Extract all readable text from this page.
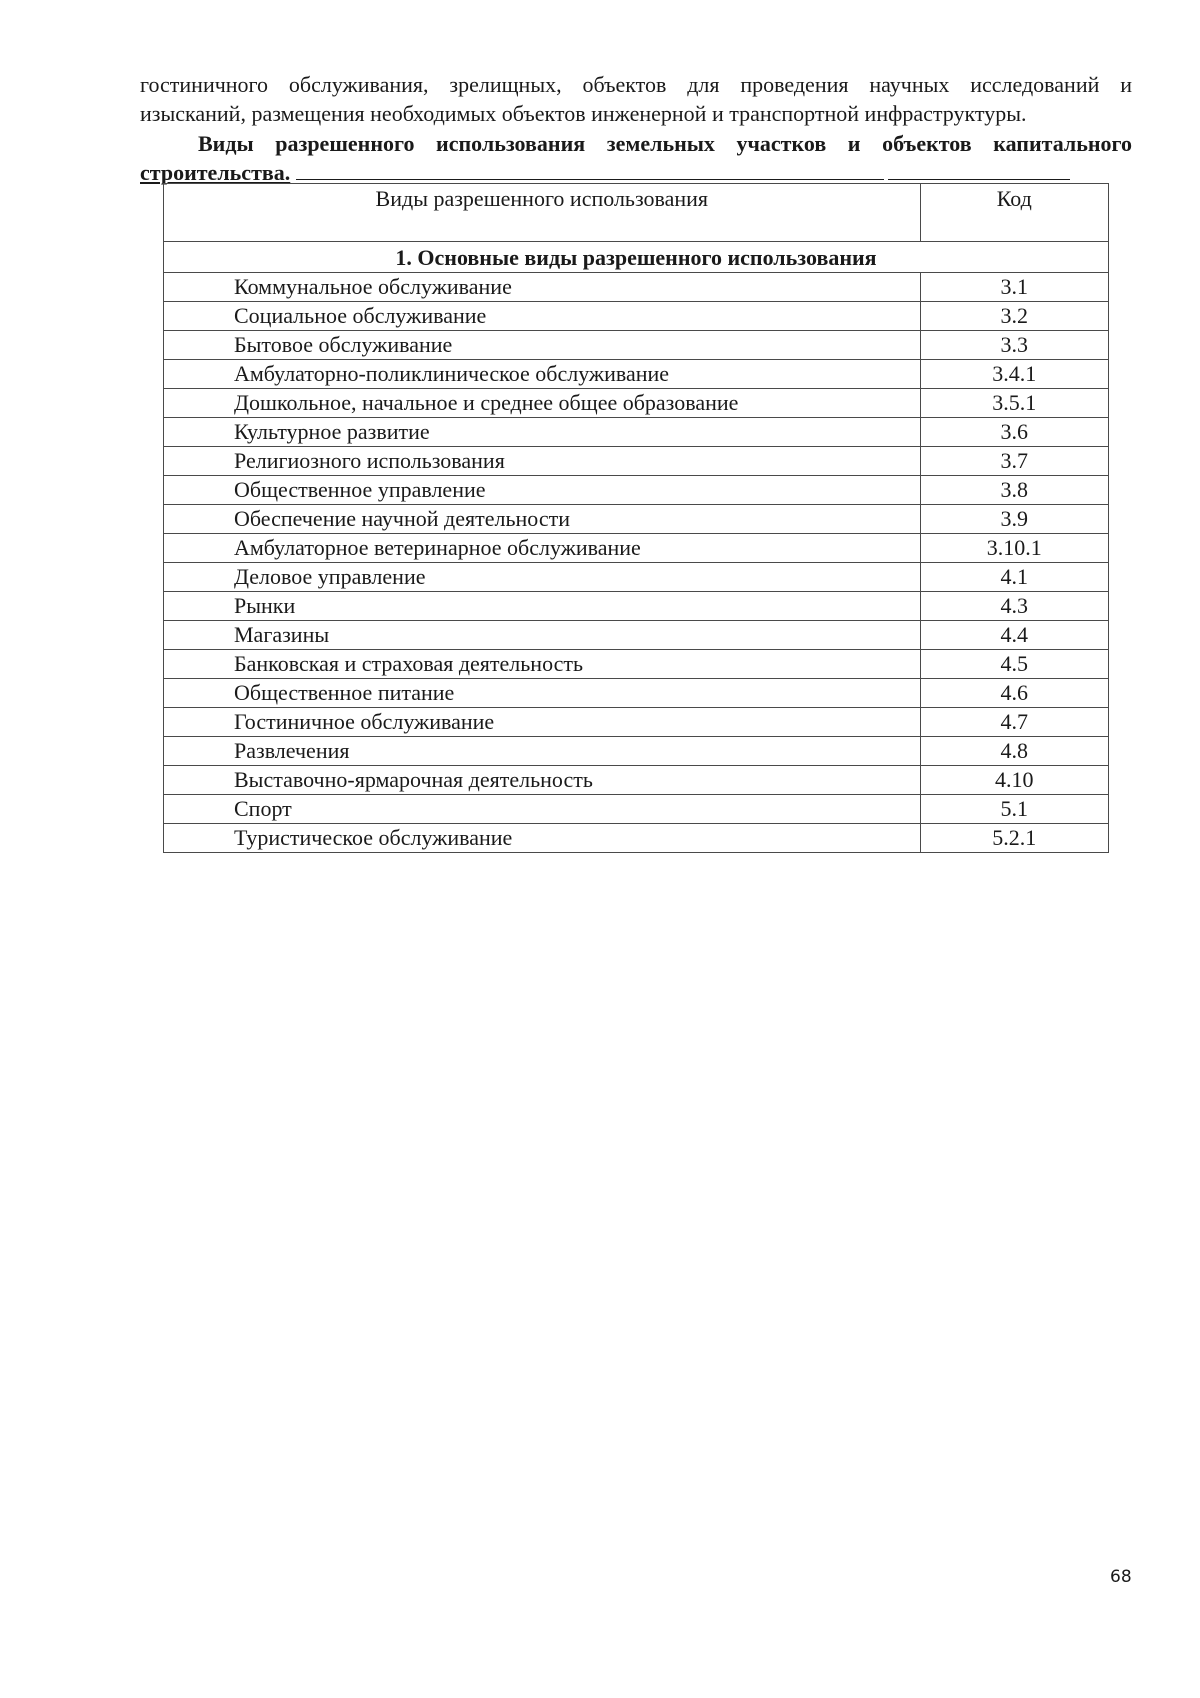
гостиничного обслуживания, зрелищных, объектов для проведения научных исследований и
изысканий, размещения необходимых объектов инженерной и транспортной инфраструктуры.

Виды разрешенного использования земельных участков и объектов капитального
строительства.

Виды разрешенного использования	Код
1. Основные виды разрешенного использования	
Коммунальное обслуживание	3.1
Социальное обслуживание	3.2
Бытовое обслуживание	3.3
Амбулаторно-поликлиническое обслуживание	3.4.1
Дошкольное, начальное и среднее общее образование	3.5.1
Культурное развитие	3.6
Религиозного использования	3.7
Общественное управление	3.8
Обеспечение научной деятельности	3.9
Амбулаторное ветеринарное обслуживание	3.10.1
Деловое управление	4.1
Рынки	4.3
Магазины	4.4
Банковская и страховая деятельность	4.5
Общественное питание	4.6
Гостиничное обслуживание	4.7
Развлечения	4.8
Выставочно-ярмарочная деятельность	4.10
Спорт	5.1
Туристическое обслуживание	5.2.1
68
